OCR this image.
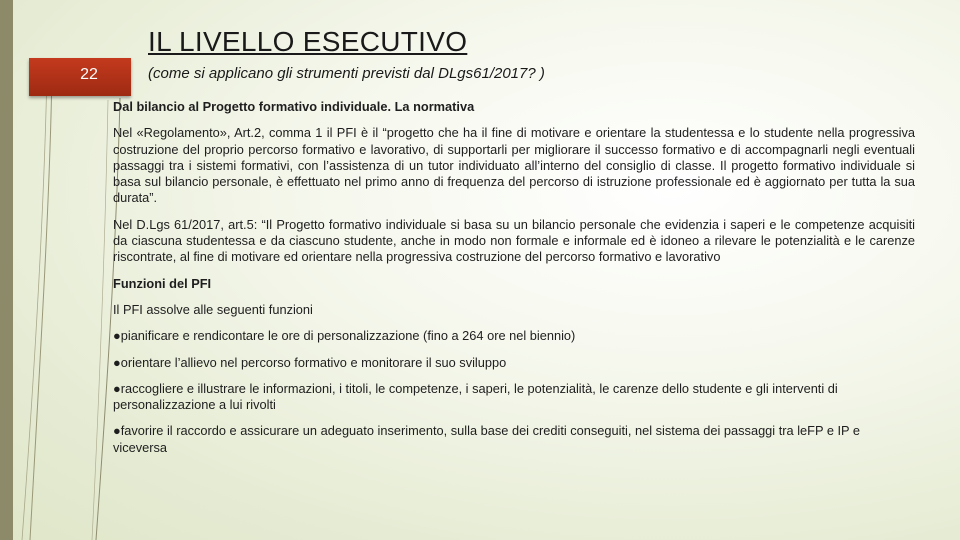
22
IL LIVELLO ESECUTIVO

(come si applicano gli strumenti previsti dal DLgs61/2017? )

Dal bilancio al Progetto formativo individuale. La normativa

Nel «Regolamento», Art.2, comma 1 il PFI è il “progetto che ha il fine di motivare e orientare la studentessa e lo studente nella progressiva costruzione del proprio percorso formativo e lavorativo, di supportarli per migliorare il successo formativo e di accompagnarli negli eventuali passaggi tra i sistemi formativi, con l’assistenza di un tutor individuato all’interno del consiglio di classe. Il progetto formativo individuale si basa sul bilancio personale, è effettuato nel primo anno di frequenza del percorso di istruzione professionale ed è aggiornato per tutta la sua durata”.

Nel D.Lgs 61/2017, art.5: “Il Progetto formativo individuale si basa su un bilancio personale che evidenzia i saperi e le competenze acquisiti da ciascuna studentessa e da ciascuno studente, anche in modo non formale e informale ed è idoneo a rilevare le potenzialità e le carenze riscontrate, al fine di motivare ed orientare nella progressiva costruzione del percorso formativo e lavorativo

Funzioni del PFI

Il PFI assolve alle seguenti funzioni

●pianificare e rendicontare le ore di personalizzazione (fino a 264 ore nel biennio)

●orientare l’allievo nel percorso formativo e monitorare il suo sviluppo

●raccogliere e illustrare le informazioni, i titoli, le competenze, i saperi, le potenzialità, le carenze dello studente e gli interventi di personalizzazione a lui rivolti

●favorire il raccordo e assicurare un adeguato inserimento, sulla base dei crediti conseguiti, nel sistema dei passaggi tra leFP e IP e viceversa
